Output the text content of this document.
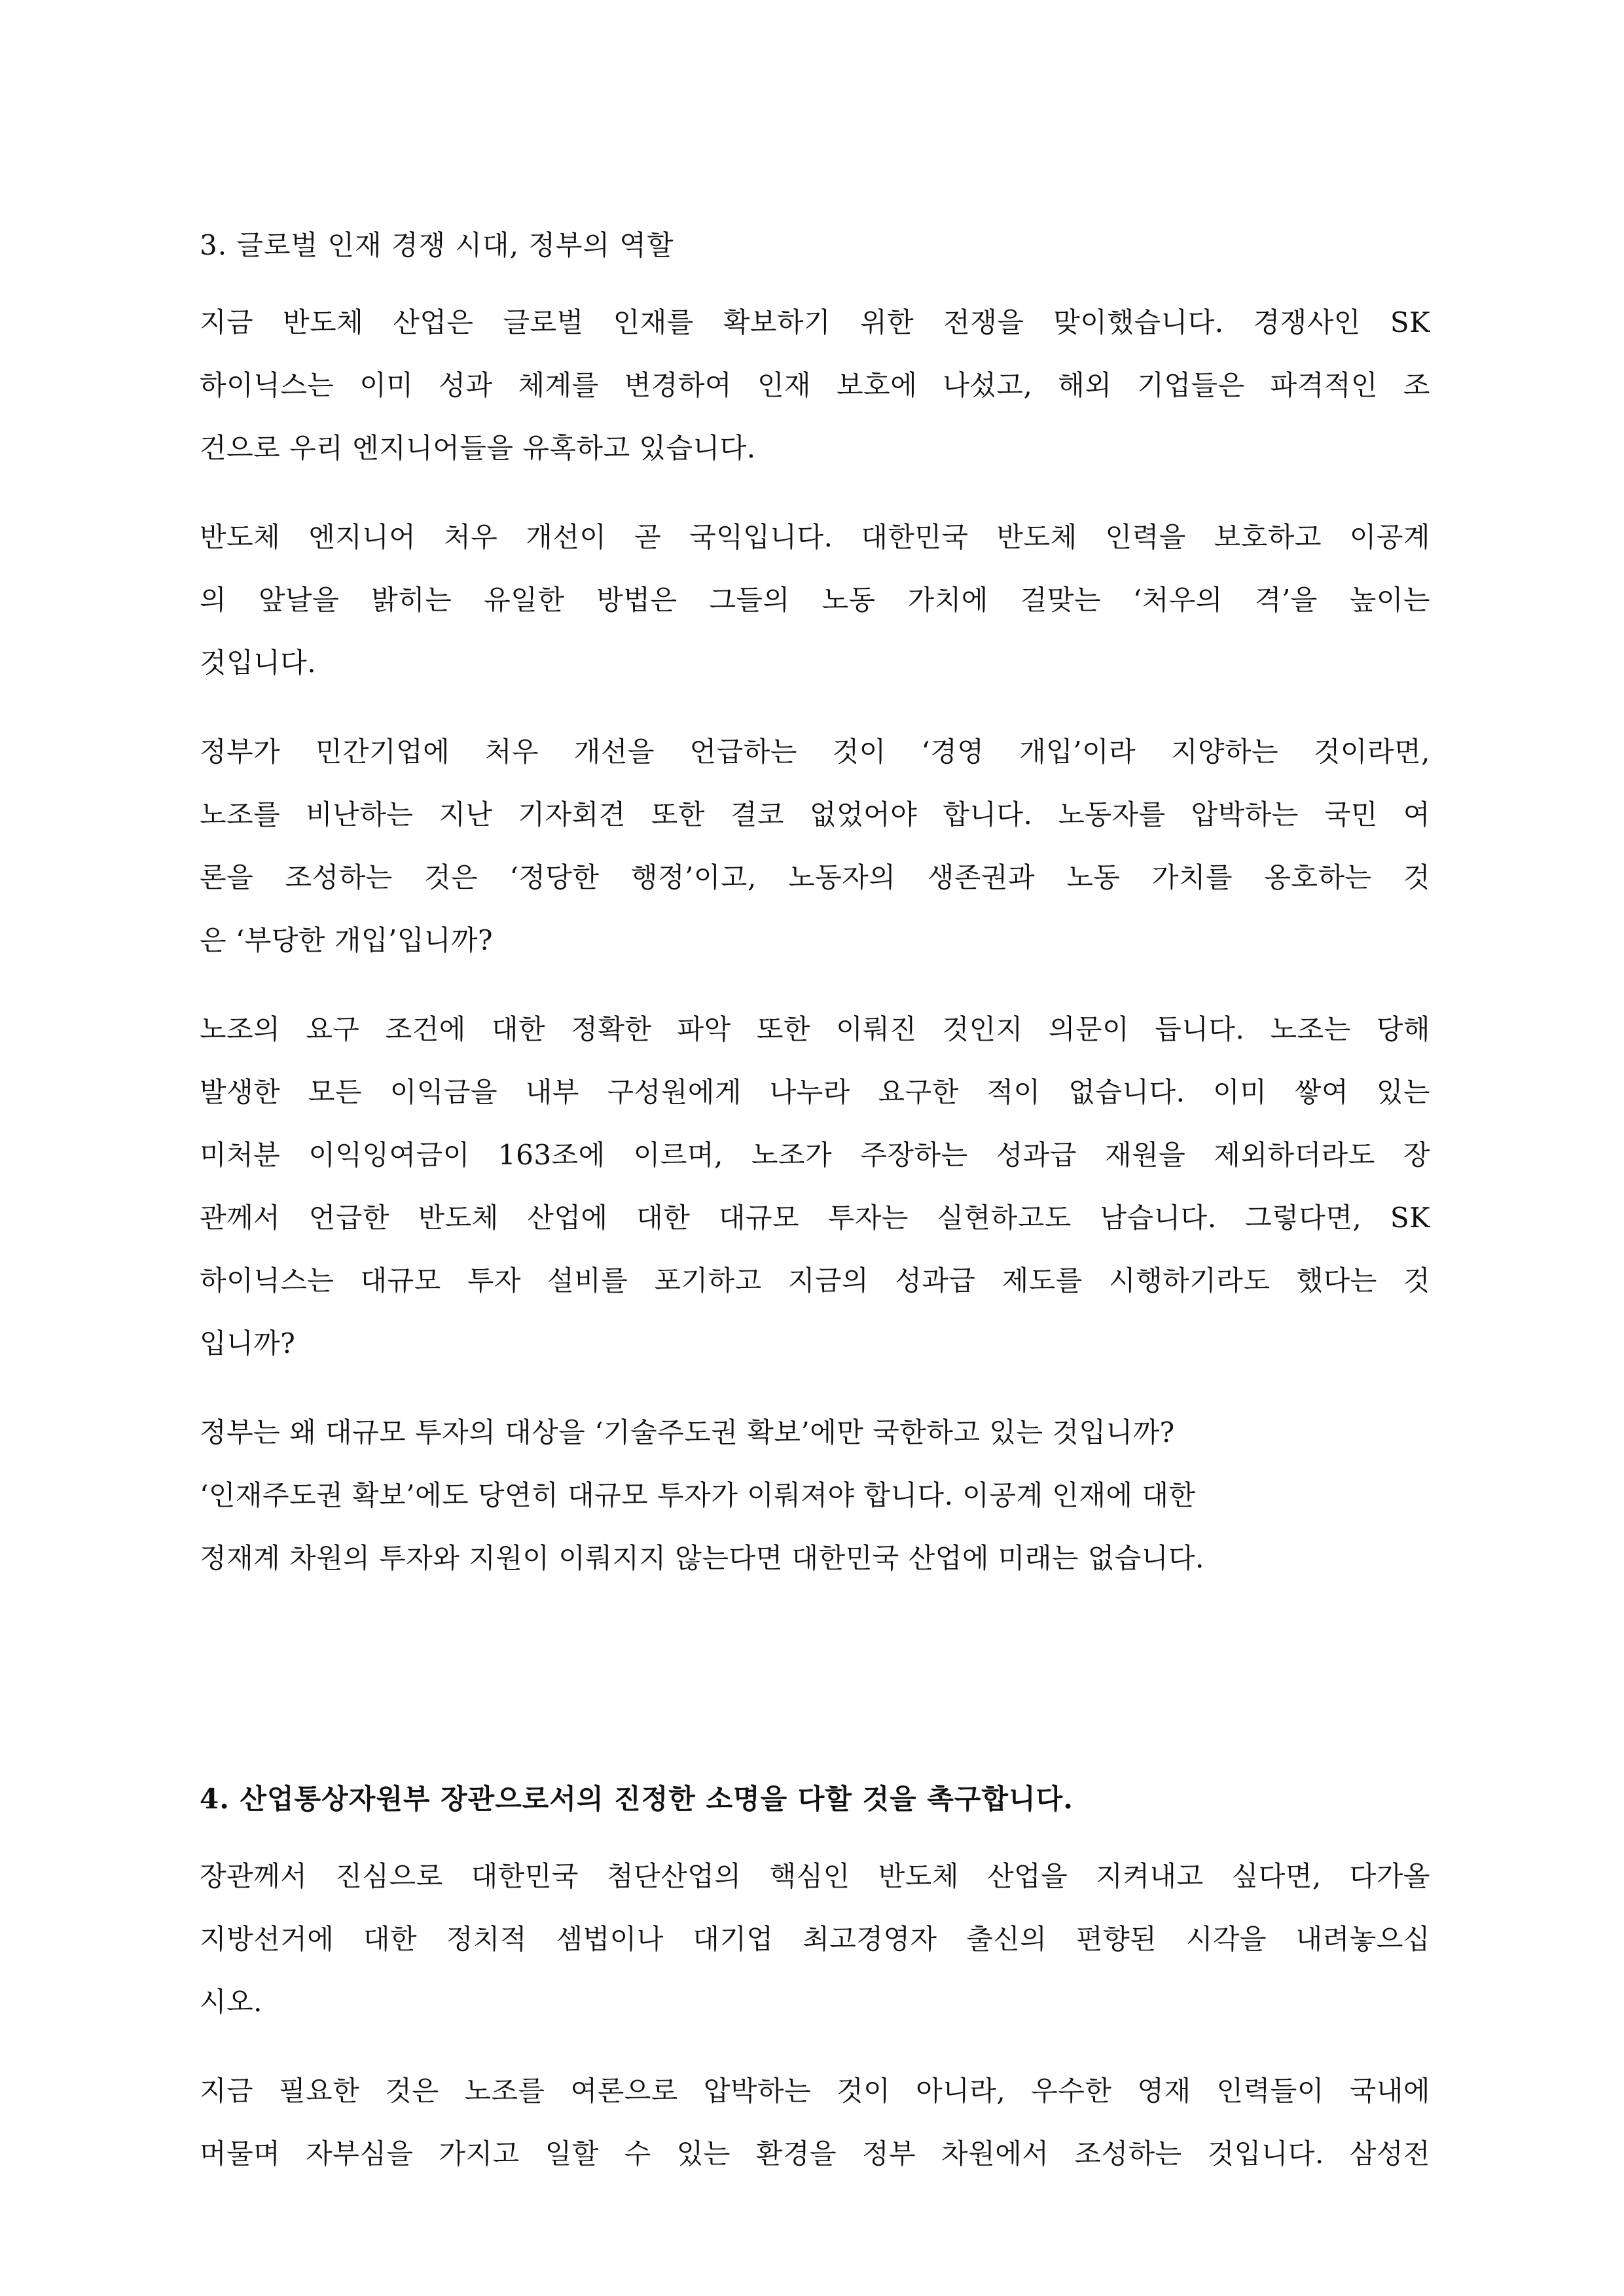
3. 글로벌 인재 경쟁 시대, 정부의 역할
지금 반도체 산업은 글로벌 인재를 확보하기 위한 전쟁을 맞이했습니다. 경쟁사인 SK
하이닉스는 이미 성과 체계를 변경하여 인재 보호에 나섰고, 해외 기업들은 파격적인 조
건으로 우리 엔지니어들을 유혹하고 있습니다.
반도체 엔지니어 처우 개선이 곧 국익입니다. 대한민국 반도체 인력을 보호하고 이공계
의 앞날을 밝히는 유일한 방법은 그들의 노동 가치에 걸맞는 ‘처우의 격’을 높이는
것입니다.
정부가 민간기업에 처우 개선을 언급하는 것이 ‘경영 개입’이라 지양하는 것이라면,
노조를 비난하는 지난 기자회견 또한 결코 없었어야 합니다. 노동자를 압박하는 국민 여
론을 조성하는 것은 ‘정당한 행정’이고, 노동자의 생존권과 노동 가치를 옹호하는 것
은 ‘부당한 개입’입니까?
노조의 요구 조건에 대한 정확한 파악 또한 이뤄진 것인지 의문이 듭니다. 노조는 당해
발생한 모든 이익금을 내부 구성원에게 나누라 요구한 적이 없습니다. 이미 쌓여 있는
미처분 이익잉여금이 163조에 이르며, 노조가 주장하는 성과급 재원을 제외하더라도 장
관께서 언급한 반도체 산업에 대한 대규모 투자는 실현하고도 남습니다. 그렇다면, SK
하이닉스는 대규모 투자 설비를 포기하고 지금의 성과급 제도를 시행하기라도 했다는 것
입니까?
정부는 왜 대규모 투자의 대상을 ‘기술주도권 확보’에만 국한하고 있는 것입니까?
‘인재주도권 확보’에도 당연히 대규모 투자가 이뤄져야 합니다. 이공계 인재에 대한
정재계 차원의 투자와 지원이 이뤄지지 않는다면 대한민국 산업에 미래는 없습니다.
4. 산업통상자원부 장관으로서의 진정한 소명을 다할 것을 촉구합니다.
장관께서 진심으로 대한민국 첨단산업의 핵심인 반도체 산업을 지켜내고 싶다면, 다가올
지방선거에 대한 정치적 셈법이나 대기업 최고경영자 출신의 편향된 시각을 내려놓으십
시오.
지금 필요한 것은 노조를 여론으로 압박하는 것이 아니라, 우수한 영재 인력들이 국내에
머물며 자부심을 가지고 일할 수 있는 환경을 정부 차원에서 조성하는 것입니다. 삼성전
